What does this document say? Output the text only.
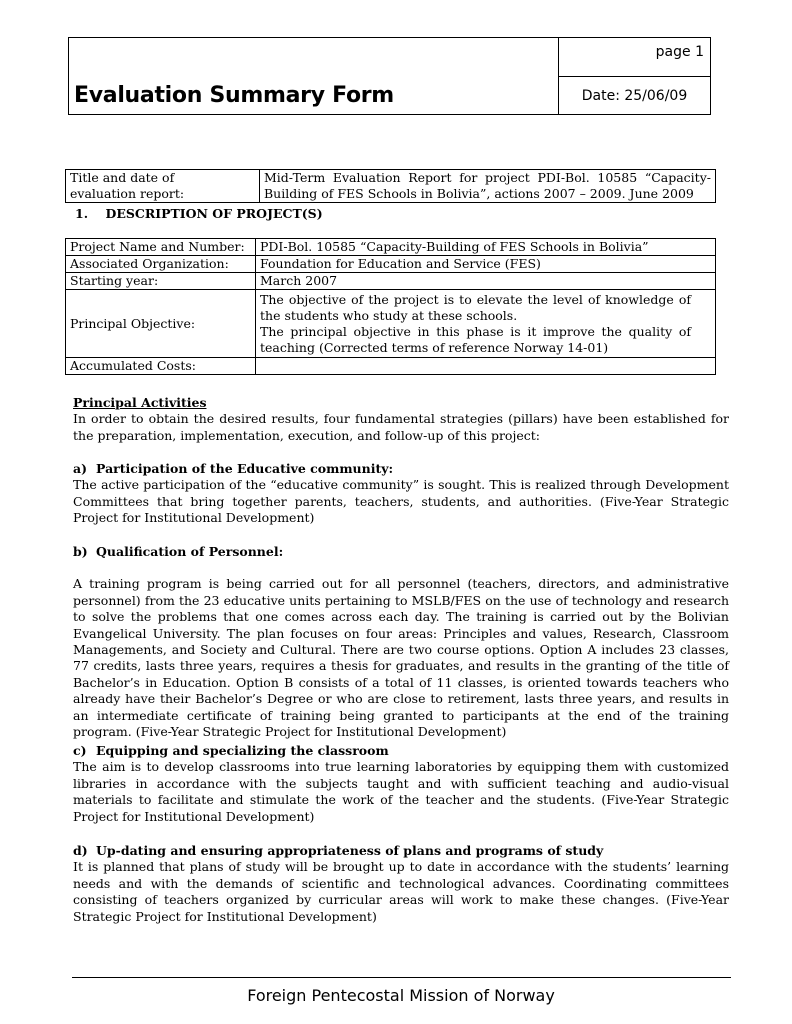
Evaluation Summary Form
page 1
Date: 25/06/09
Title and date of
evaluation report:	Mid-Term Evaluation Report for project PDI-Bol. 10585 “Capacity-Building of FES Schools in Bolivia”, actions 2007 – 2009. June 2009
1. DESCRIPTION OF PROJECT(S)
Project Name and Number:	PDI-Bol. 10585 “Capacity-Building of FES Schools in Bolivia”
Associated Organization:	Foundation for Education and Service (FES)
Starting year:	March 2007
Principal Objective:	The objective of the project is to elevate the level of knowledge of the students who study at these schools.
The principal objective in this phase is it improve the quality of teaching (Corrected terms of reference Norway 14-01)

Accumulated Costs:	

Principal Activities

In order to obtain the desired results, four fundamental strategies (pillars) have been established for the preparation, implementation, execution, and follow-up of this project:

a) Participation of the Educative community:

The active participation of the “educative community” is sought. This is realized through Development Committees that bring together parents, teachers, students, and authorities. (Five-Year Strategic Project for Institutional Development)

b) Qualification of Personnel:

A training program is being carried out for all personnel (teachers, directors, and administrative personnel) from the 23 educative units pertaining to MSLB/FES on the use of technology and research to solve the problems that one comes across each day. The training is carried out by the Bolivian Evangelical University. The plan focuses on four areas: Principles and values, Research, Classroom Managements, and Society and Cultural. There are two course options. Option A includes 23 classes, 77 credits, lasts three years, requires a thesis for graduates, and results in the granting of the title of Bachelor’s in Education. Option B consists of a total of 11 classes, is oriented towards teachers who already have their Bachelor’s Degree or who are close to retirement, lasts three years, and results in an intermediate certificate of training being granted to participants at the end of the training program. (Five-Year Strategic Project for Institutional Development)

c) Equipping and specializing the classroom

The aim is to develop classrooms into true learning laboratories by equipping them with customized libraries in accordance with the subjects taught and with sufficient teaching and audio-visual materials to facilitate and stimulate the work of the teacher and the students. (Five-Year Strategic Project for Institutional Development)

d) Up-dating and ensuring appropriateness of plans and programs of study

It is planned that plans of study will be brought up to date in accordance with the students’ learning needs and with the demands of scientific and technological advances. Coordinating committees consisting of teachers organized by curricular areas will work to make these changes. (Five-Year Strategic Project for Institutional Development)

Foreign Pentecostal Mission of Norway
